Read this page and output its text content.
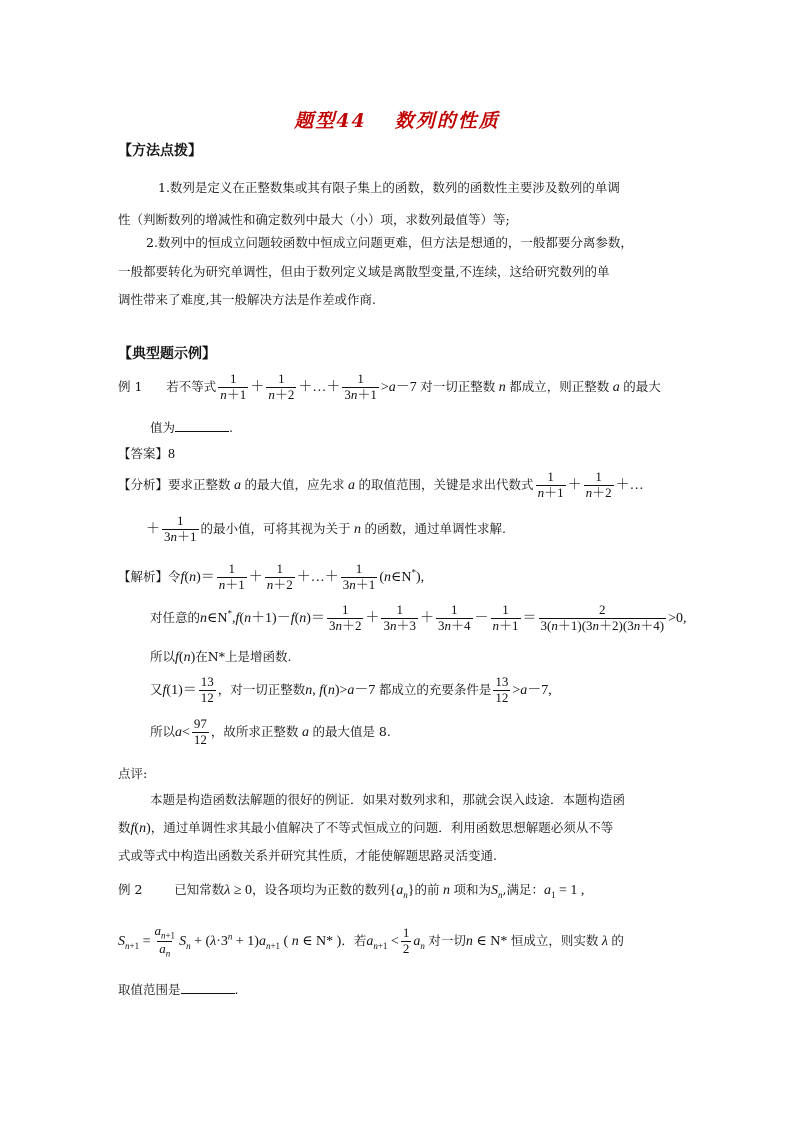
题型44 数列的性质
【方法点拨】
1.数列是定义在正整数集或其有限子集上的函数，数列的函数性主要涉及数列的单调
性（判断数列的增减性和确定数列中最大（小）项，求数列最值等）等;
2.数列中的恒成立问题较函数中恒成立问题更难，但方法是想通的，一般都要分离参数，
一般都要转化为研究单调性，但由于数列定义域是离散型变量,不连续，这给研究数列的单
调性带来了难度,其一般解决方法是作差或作商.
【典型题示例】
例 1 若不等式 $\frac{1}{n+1} + \frac{1}{n+2}$ ＋…＋ $\frac{1}{3n+1} >a-7$ 对一切正整数 n 都成立，则正整数 a 的最大
值为	.
【答案】8
【分析】要求正整数 a 的最大值，应先求 a 的取值范围，关键是求出代数式 $\frac{1}{n+1} + \frac{1}{n+2}$ ＋…
＋ $\frac{1}{3n+1}$ 的最小值，可将其视为关于 n 的函数，通过单调性求解.
【解析】令$f(n)= \frac{1}{n+1} + \frac{1}{n+2}$ ＋…＋ $\frac{1}{3n+1}$ (n∈N*),
对任意的n∈N*,f(n＋1)－f(n)＝ $\frac{1}{3n+2} + \frac{1}{3n+3} + \frac{1}{3n+4} - \frac{1}{n+1} = \frac{2}{3(n+1)(3n+2)(3n+4)} >0$,
所以f(n)在N*上是增函数.
又$f(1)= \frac{13}{12}$ ，对一切正整数n, f(n)>a－7 都成立的充要条件是 $\frac{13}{12} >a-7$,
所以$a< \frac{97}{12}$ ，故所求正整数 a 的最大值是 8.
点评:
本题是构造函数法解题的很好的例证．如果对数列求和，那就会误入歧途．本题构造函
数f(n)，通过单调性求其最小值解决了不等式恒成立的问题．利用函数思想解题必须从不等
式或等式中构造出函数关系并研究其性质，才能使解题思路灵活变通.
例 2	已知常数λ ≥ 0，设各项均为正数的数列$\{a_n\}$的前 n 项和为$S_n$,满足：$a_1 = 1$ ,
$S_{n+1} = \frac{a_{n+1}}{a_n} S_n + (\lambda\cdot 3^n + 1)a_{n+1}$ ( n ∈ N* )．若$a_{n+1} < \frac{1}{2} a_n$ 对一切n ∈ N* 恒成立，则实数 λ 的
取值范围是	.
